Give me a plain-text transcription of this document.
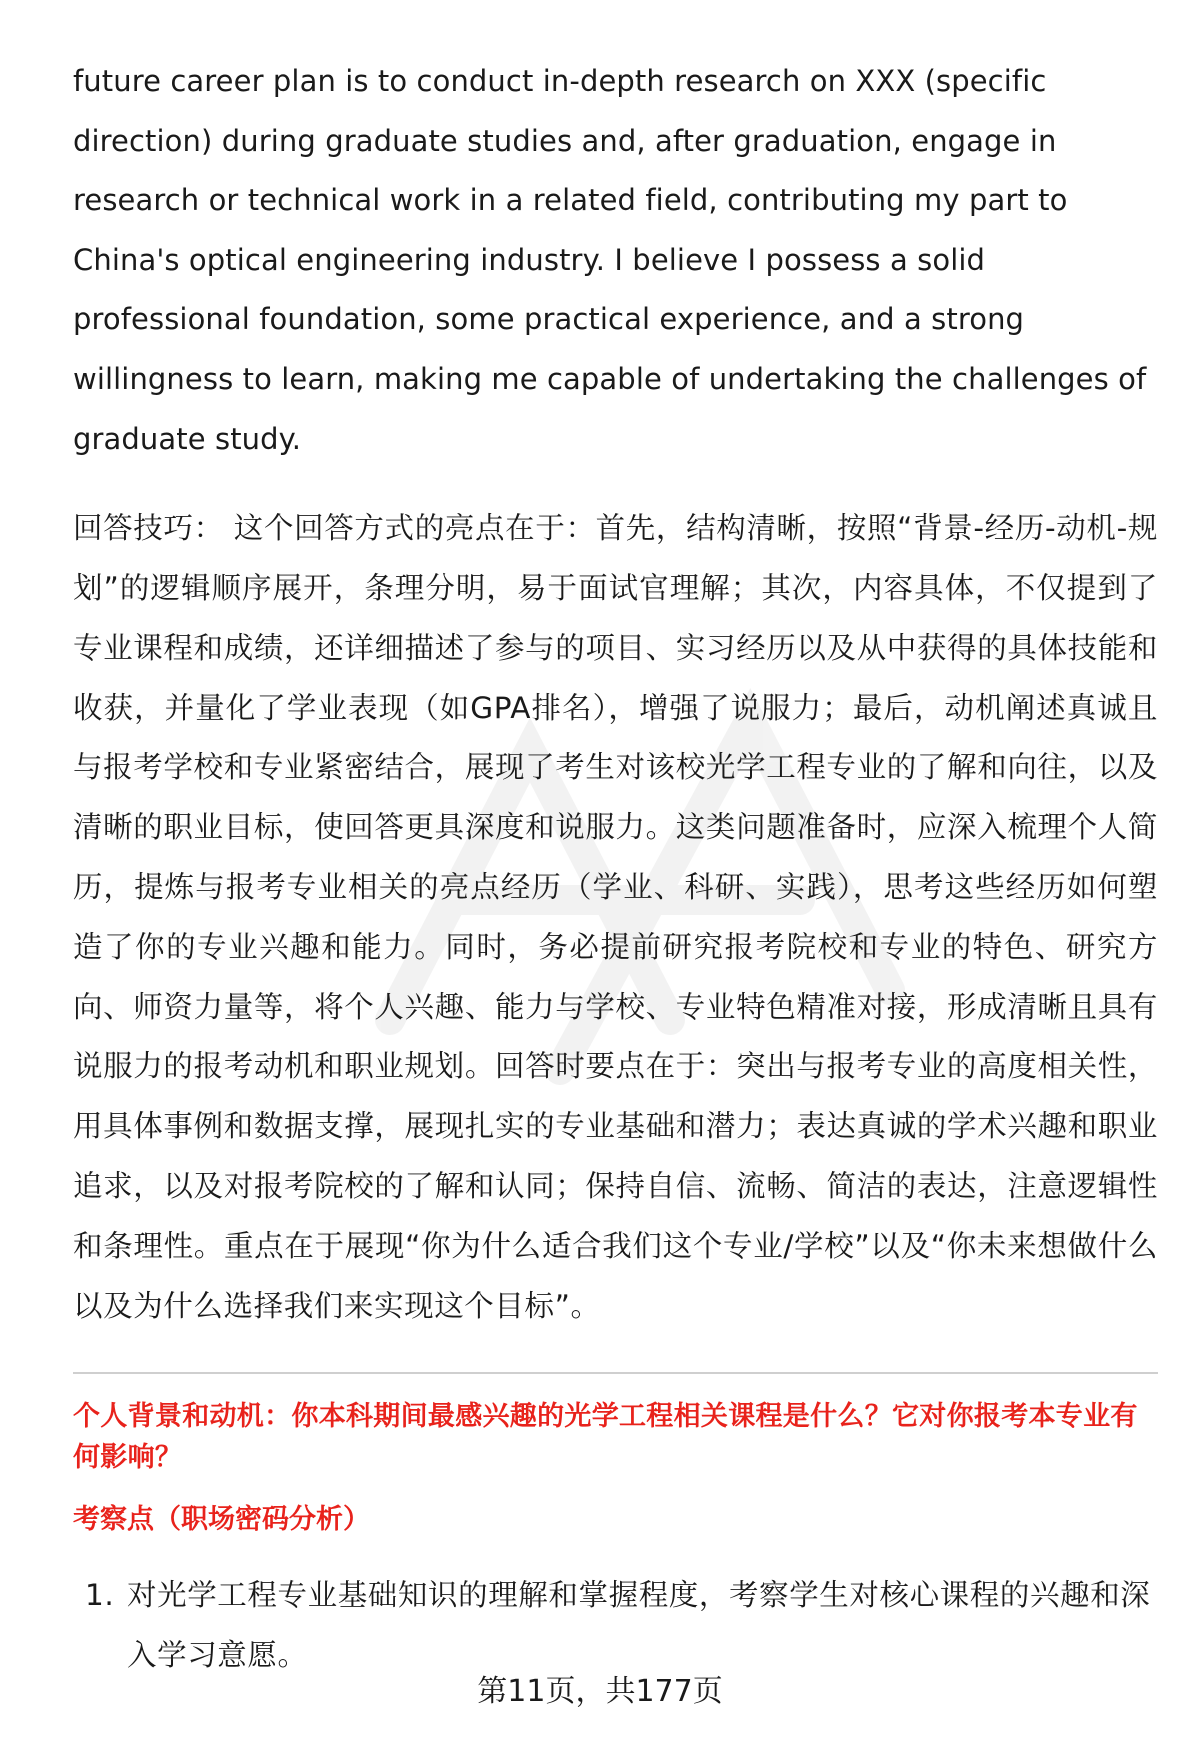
future career plan is to conduct in-depth research on XXX (specific direction) during graduate studies and, after graduation, engage in research or technical work in a related field, contributing my part to China's optical engineering industry. I believe I possess a solid professional foundation, some practical experience, and a strong willingness to learn, making me capable of undertaking the challenges of graduate study.

回答技巧： 这个回答方式的亮点在于：首先，结构清晰，按照“背景-经历-动机-规划”的逻辑顺序展开，条理分明，易于面试官理解；其次，内容具体，不仅提到了专业课程和成绩，还详细描述了参与的项目、实习经历以及从中获得的具体技能和收获，并量化了学业表现（如GPA排名），增强了说服力；最后，动机阐述真诚且与报考学校和专业紧密结合，展现了考生对该校光学工程专业的了解和向往，以及清晰的职业目标，使回答更具深度和说服力。这类问题准备时，应深入梳理个人简历，提炼与报考专业相关的亮点经历（学业、科研、实践），思考这些经历如何塑造了你的专业兴趣和能力。同时，务必提前研究报考院校和专业的特色、研究方向、师资力量等，将个人兴趣、能力与学校、专业特色精准对接，形成清晰且具有说服力的报考动机和职业规划。回答时要点在于：突出与报考专业的高度相关性，用具体事例和数据支撑，展现扎实的专业基础和潜力；表达真诚的学术兴趣和职业追求，以及对报考院校的了解和认同；保持自信、流畅、简洁的表达，注意逻辑性和条理性。重点在于展现“你为什么适合我们这个专业/学校”以及“你未来想做什么以及为什么选择我们来实现这个目标”。

个人背景和动机：你本科期间最感兴趣的光学工程相关课程是什么？它对你报考本专业有何影响？
考察点（职场密码分析）
1. 对光学工程专业基础知识的理解和掌握程度，考察学生对核心课程的兴趣和深入学习意愿。
第11页，共177页
